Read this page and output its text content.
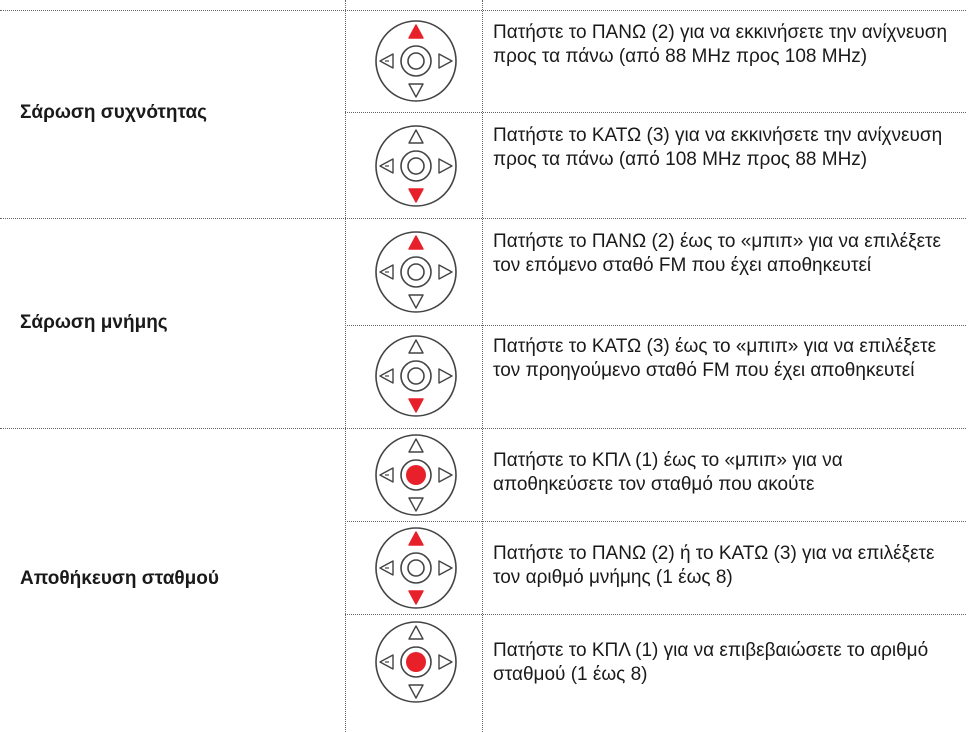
Σάρωση συχνότητας
Σάρωση μνήμης
Αποθήκευση σταθμού
Πατήστε το ΠΑΝΩ (2) για να εκκινήσετε την ανίχνευση προς τα πάνω (από 88 MHz προς 108 MHz)
Πατήστε το ΚΑΤΩ (3) για να εκκινήσετε την ανίχνευση προς τα πάνω (από 108 MHz προς 88 MHz)
Πατήστε το ΠΑΝΩ (2) έως το «μπιπ» για να επιλέξετε τον επόμενο σταθό FM που έχει αποθηκευτεί
Πατήστε το ΚΑΤΩ (3) έως το «μπιπ» για να επιλέξετε τον προηγούμενο σταθό FM που έχει αποθηκευτεί
Πατήστε το ΚΠΛ (1) έως το «μπιπ» για να αποθηκεύσετε τον σταθμό που ακούτε
Πατήστε το ΠΑΝΩ (2) ή το ΚΑΤΩ (3) για να επιλέξετε τον αριθμό μνήμης (1 έως 8)
Πατήστε το ΚΠΛ (1) για να επιβεβαιώσετε το αριθμό σταθμού (1 έως 8)
